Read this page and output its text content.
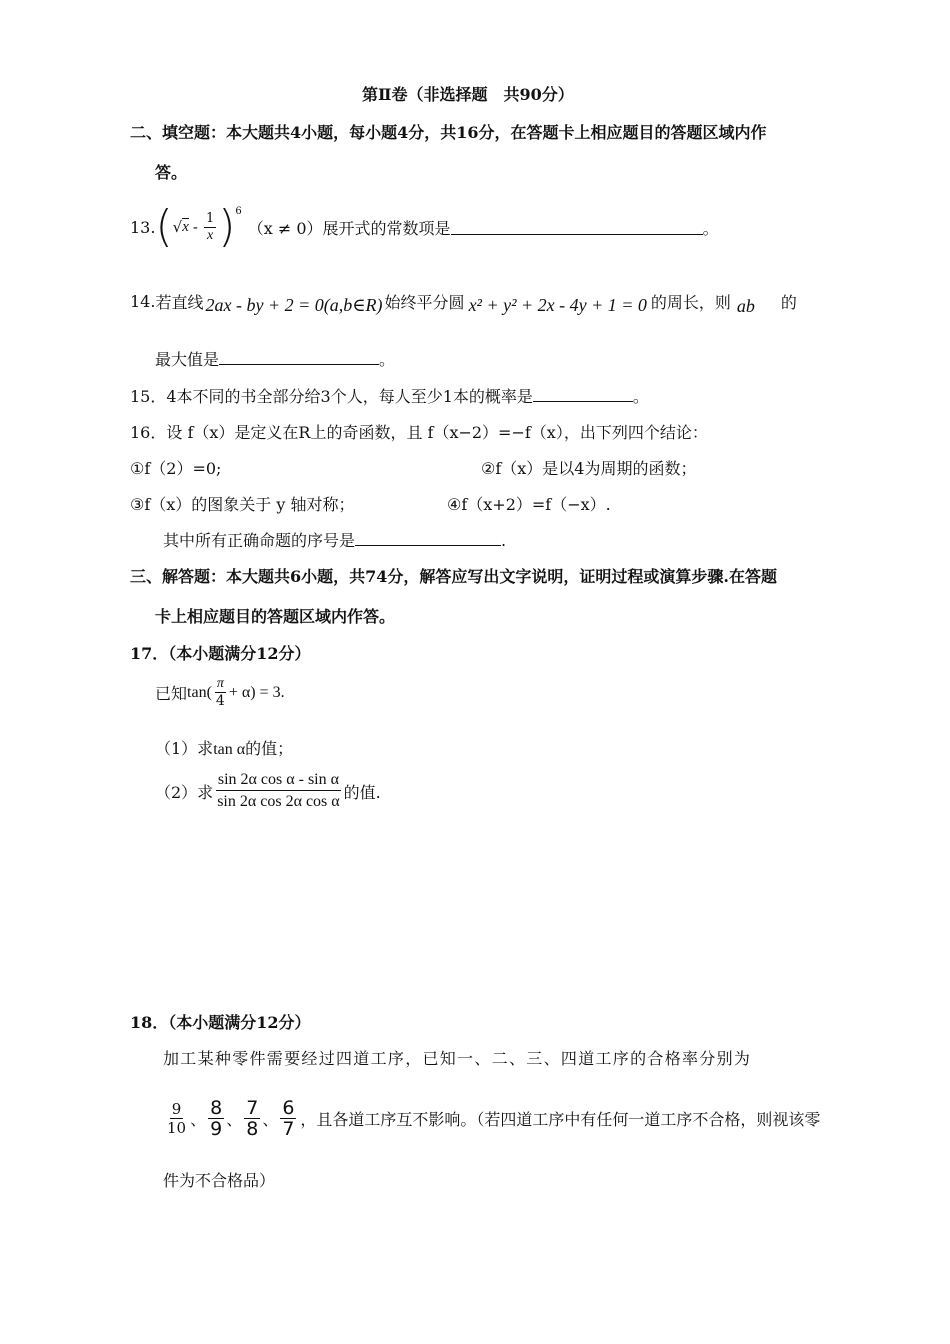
第Ⅱ卷（非选择题　共90分）
二、填空题：本大题共4小题，每小题4分，共16分，在答题卡上相应题目的答题区域内作
答。
13. ( √ x - $\frac{1}{x}$ ) 6
（x ≠ 0）展开式的常数项是	。
14. 若直线 2ax - by + 2 = 0(a,b∈R) 始终平分圆 x² + y² + 2x - 4y + 1 = 0 的周长，则 ab 的
最大值是	。
15．4本不同的书全部分给3个人，每人至少1本的概率是	。
16．设 f（x）是定义在R上的奇函数，且 f（x−2）=−f（x），出下列四个结论：
①f（2）=0;	②f（x）是以4为周期的函数；
③f（x）的图象关于 y 轴对称；	④f（x+2）=f（−x）.
其中所有正确命题的序号是	.
三、解答题：本大题共6小题，共74分，解答应写出文字说明，证明过程或演算步骤.在答题
卡上相应题目的答题区域内作答。
17．（本小题满分12分）
已知 $\tan( \frac{\pi}{4} + \alpha) = 3$.
（1）求tan α的值；
（2）求 $\frac{\text{sin 2α cos α - sin α}}{\text{sin 2α cos 2α cos α}}$ 的值.
18．（本小题满分12分）
加工某种零件需要经过四道工序，已知一、二、三、四道工序的合格率分别为
$\frac{9}{10}$ 、 $\frac{8}{9}$ 、 $\frac{7}{8}$ 、 $\frac{6}{7}$ ，且各道工序互不影响。（若四道工序中有任何一道工序不合格，则视该零
件为不合格品）
